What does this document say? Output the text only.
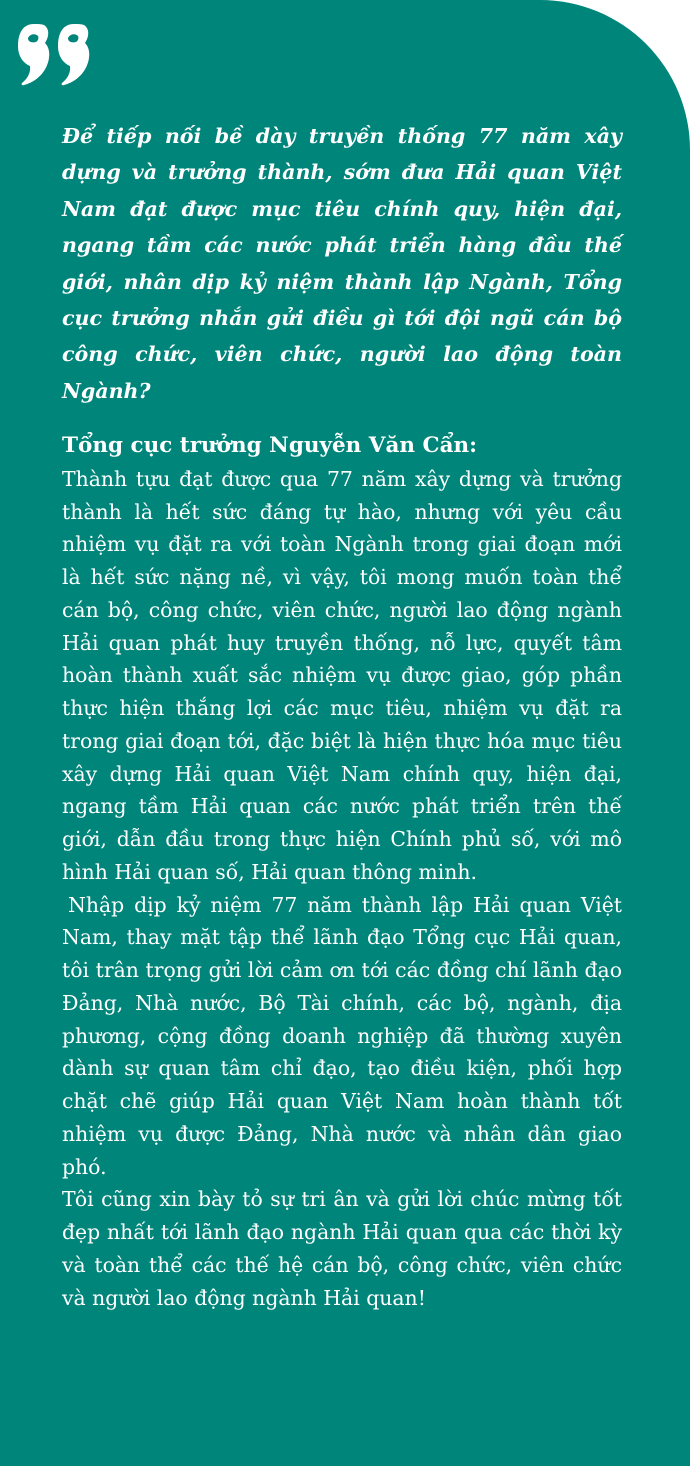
Để tiếp nối bề dày truyền thống 77 năm xây dựng và trưởng thành, sớm đưa Hải quan Việt Nam đạt được mục tiêu chính quy, hiện đại, ngang tầm các nước phát triển hàng đầu thế giới, nhân dịp kỷ niệm thành lập Ngành, Tổng cục trưởng nhắn gửi điều gì tới đội ngũ cán bộ công chức, viên chức, người lao động toàn Ngành?

Tổng cục trưởng Nguyễn Văn Cẩn:

Thành tựu đạt được qua 77 năm xây dựng và trưởng thành là hết sức đáng tự hào, nhưng với yêu cầu nhiệm vụ đặt ra với toàn Ngành trong giai đoạn mới là hết sức nặng nề, vì vậy, tôi mong muốn toàn thể cán bộ, công chức, viên chức, người lao động ngành Hải quan phát huy truyền thống, nỗ lực, quyết tâm hoàn thành xuất sắc nhiệm vụ được giao, góp phần thực hiện thắng lợi các mục tiêu, nhiệm vụ đặt ra trong giai đoạn tới, đặc biệt là hiện thực hóa mục tiêu xây dựng Hải quan Việt Nam chính quy, hiện đại, ngang tầm Hải quan các nước phát triển trên thế giới, dẫn đầu trong thực hiện Chính phủ số, với mô hình Hải quan số, Hải quan thông minh.

Nhập dịp kỷ niệm 77 năm thành lập Hải quan Việt Nam, thay mặt tập thể lãnh đạo Tổng cục Hải quan, tôi trân trọng gửi lời cảm ơn tới các đồng chí lãnh đạo Đảng, Nhà nước, Bộ Tài chính, các bộ, ngành, địa phương, cộng đồng doanh nghiệp đã thường xuyên dành sự quan tâm chỉ đạo, tạo điều kiện, phối hợp chặt chẽ giúp Hải quan Việt Nam hoàn thành tốt nhiệm vụ được Đảng, Nhà nước và nhân dân giao phó.

Tôi cũng xin bày tỏ sự tri ân và gửi lời chúc mừng tốt đẹp nhất tới lãnh đạo ngành Hải quan qua các thời kỳ và toàn thể các thế hệ cán bộ, công chức, viên chức và người lao động ngành Hải quan!
